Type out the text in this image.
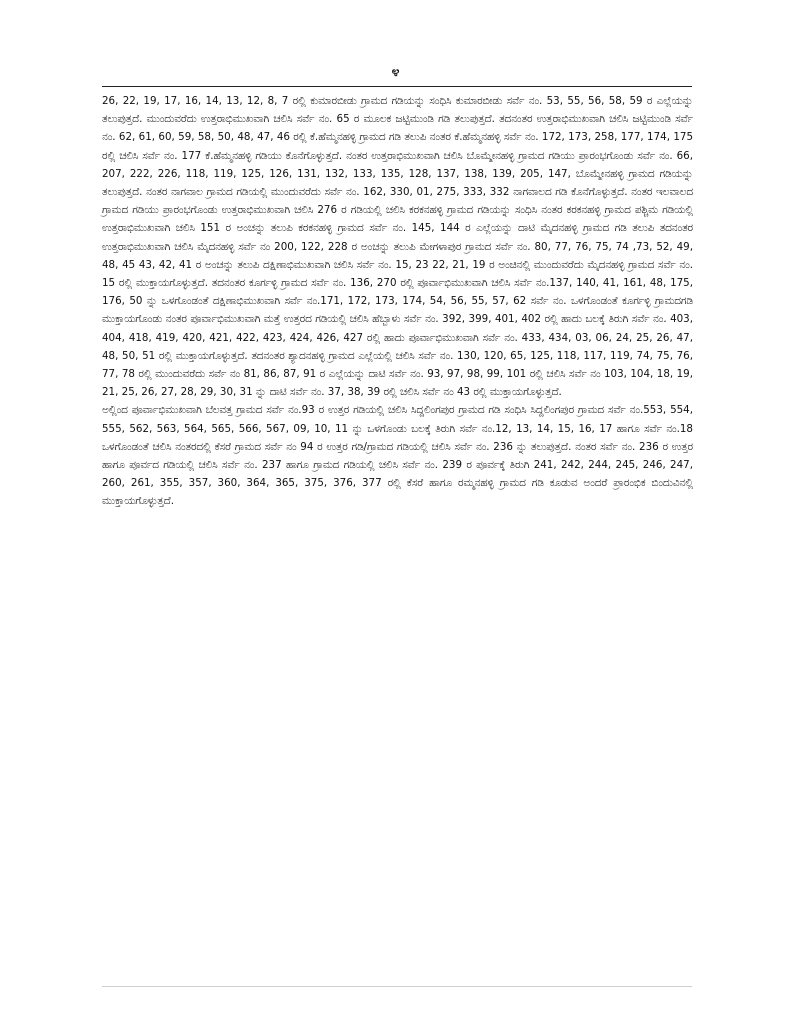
೪

26, 22, 19, 17, 16, 14, 13, 12, 8, 7 ರಲ್ಲಿ ಕುಮಾರಬೀಡು ಗ್ರಾಮದ ಗಡಿಯನ್ನು ಸಂಧಿಸಿ ಕುಮಾರಬೀಡು ಸರ್ವೆ ನಂ. 53, 55, 56, 58, 59 ರ ಎಲ್ಲೆಯನ್ನು ತಲುಪುತ್ತದೆ. ಮುಂದುವರೆದು ಉತ್ತರಾಭಿಮುಖವಾಗಿ ಚಲಿಸಿ ಸರ್ವೆ ನಂ. 65 ರ ಮೂಲಕ ಜಟ್ಟಿಮುಂಡಿ ಗಡಿ ತಲುಪುತ್ತದೆ. ತದನಂತರ ಉತ್ತರಾಭಿಮುಖವಾಗಿ ಚಲಿಸಿ ಜಟ್ಟಿಮುಂಡಿ ಸರ್ವೆ ನಂ. 62, 61, 60, 59, 58, 50, 48, 47, 46 ರಲ್ಲಿ ಕೆ.ಹೆಮ್ಮನಹಳ್ಳಿ ಗ್ರಾಮದ ಗಡಿ ತಲುಪಿ ನಂತರ ಕೆ.ಹೆಮ್ಮನಹಳ್ಳಿ ಸರ್ವೆ ನಂ. 172, 173, 258, 177, 174, 175 ರಲ್ಲಿ ಚಲಿಸಿ ಸರ್ವೆ ನಂ. 177 ಕೆ.ಹೆಮ್ಮನಹಳ್ಳಿ ಗಡಿಯು ಕೊನೆಗೊಳ್ಳುತ್ತದೆ. ನಂತರ ಉತ್ತರಾಭಿಮುಖವಾಗಿ ಚಲಿಸಿ ಬೊಮ್ಮೇನಹಳ್ಳಿ ಗ್ರಾಮದ ಗಡಿಯು ಪ್ರಾರಂಭಗೊಂಡು ಸರ್ವೆ ನಂ. 66, 207, 222, 226, 118, 119, 125, 126, 131, 132, 133, 135, 128, 137, 138, 139, 205, 147, ಬೊಮ್ಮೇನಹಳ್ಳಿ ಗ್ರಾಮದ ಗಡಿಯನ್ನು ತಲುಪುತ್ತದೆ. ನಂತರ ನಾಗವಾಲ ಗ್ರಾಮದ ಗಡಿಯಲ್ಲಿ ಮುಂದುವರೆದು ಸರ್ವೆ ನಂ. 162, 330, 01, 275, 333, 332 ನಾಗವಾಲದ ಗಡಿ ಕೊನೆಗೊಳ್ಳುತ್ತದೆ. ನಂತರ ಇಲವಾಲದ ಗ್ರಾಮದ ಗಡಿಯು ಪ್ರಾರಂಭಗೊಂಡು ಉತ್ತರಾಭಿಮುಖವಾಗಿ ಚಲಿಸಿ 276 ರ ಗಡಿಯಲ್ಲಿ ಚಲಿಸಿ ಕರಕನಹಳ್ಳಿ ಗ್ರಾಮದ ಗಡಿಯನ್ನು ಸಂಧಿಸಿ ನಂತರ ಕರಕನಹಳ್ಳಿ ಗ್ರಾಮದ ಪಶ್ಚಿಮ ಗಡಿಯಲ್ಲಿ ಉತ್ತರಾಭಿಮುಖವಾಗಿ ಚಲಿಸಿ 151 ರ ಅಂಚನ್ನು ತಲುಪಿ ಕರಕನಹಳ್ಳಿ ಗ್ರಾಮದ ಸರ್ವೆ ನಂ. 145, 144 ರ ಎಲ್ಲೆಯನ್ನು ದಾಟಿ ಮೈದನಹಳ್ಳಿ ಗ್ರಾಮದ ಗಡಿ ತಲುಪಿ ತದನಂತರ ಉತ್ತರಾಭಿಮುಖವಾಗಿ ಚಲಿಸಿ ಮೈದನಹಳ್ಳಿ ಸರ್ವೆ ನಂ 200, 122, 228 ರ ಅಂಚನ್ನು ತಲುಪಿ ಮೇಗಳಾಪುರ ಗ್ರಾಮದ ಸರ್ವೆ ನಂ. 80, 77, 76, 75, 74 ,73, 52, 49, 48, 45 43, 42, 41 ರ ಅಂಚನ್ನು ತಲುಪಿ ದಕ್ಷಿಣಾಭಿಮುಖವಾಗಿ ಚಲಿಸಿ ಸರ್ವೆ ನಂ. 15, 23 22, 21, 19 ರ ಅಂಚಿನಲ್ಲಿ ಮುಂದುವರೆದು ಮೈದನಹಳ್ಳಿ ಗ್ರಾಮದ ಸರ್ವೆ ನಂ. 15 ರಲ್ಲಿ ಮುಕ್ತಾಯಗೊಳ್ಳುತ್ತದೆ. ತದನಂತರ ಕೂರ್ಗಳ್ಳಿ ಗ್ರಾಮದ ಸರ್ವೆ ನಂ. 136, 270 ರಲ್ಲಿ ಪೂರ್ವಾಭಿಮುಖವಾಗಿ ಚಲಿಸಿ ಸರ್ವೆ ನಂ.137, 140, 41, 161, 48, 175, 176, 50 ನ್ನು ಒಳಗೊಂಡಂತೆ ದಕ್ಷಿಣಾಭಿಮುಖವಾಗಿ ಸರ್ವೆ ನಂ.171, 172, 173, 174, 54, 56, 55, 57, 62 ಸರ್ವೆ ನಂ. ಒಳಗೊಂಡಂತೆ ಕೂರ್ಗಳ್ಳಿ ಗ್ರಾಮದಗಡಿ ಮುಕ್ತಾಯಗೊಂಡು ನಂತರ ಪೂರ್ವಾಭಿಮುಖವಾಗಿ ಮತ್ತೆ ಉತ್ತರದ ಗಡಿಯಲ್ಲಿ ಚಲಿಸಿ ಹೆಬ್ಬಾಳು ಸರ್ವೆ ನಂ. 392, 399, 401, 402 ರಲ್ಲಿ ಹಾದು ಬಲಕ್ಕೆ ತಿರುಗಿ ಸರ್ವೆ ನಂ. 403, 404, 418, 419, 420, 421, 422, 423, 424, 426, 427 ರಲ್ಲಿ ಹಾದು ಪೂರ್ವಾಭಿಮುಖವಾಗಿ ಸರ್ವೆ ನಂ. 433, 434, 03, 06, 24, 25, 26, 47, 48, 50, 51 ರಲ್ಲಿ ಮುಕ್ತಾಯಗೊಳ್ಳುತ್ತದೆ. ತದನಂತರ ಶ್ಯಾದನಹಳ್ಳಿ ಗ್ರಾಮದ ಎಲ್ಲೆಯಲ್ಲಿ ಚಲಿಸಿ ಸರ್ವೆ ನಂ. 130, 120, 65, 125, 118, 117, 119, 74, 75, 76, 77, 78 ರಲ್ಲಿ ಮುಂದುವರೆದು ಸರ್ವೆ ನಂ 81, 86, 87, 91 ರ ಎಲ್ಲೆಯನ್ನು ದಾಟಿ ಸರ್ವೆ ನಂ. 93, 97, 98, 99, 101 ರಲ್ಲಿ ಚಲಿಸಿ ಸರ್ವೆ ನಂ 103, 104, 18, 19, 21, 25, 26, 27, 28, 29, 30, 31 ನ್ನು ದಾಟಿ ಸರ್ವೆ ನಂ. 37, 38, 39 ರಲ್ಲಿ ಚಲಿಸಿ ಸರ್ವೆ ನಂ 43 ರಲ್ಲಿ ಮುಕ್ತಾಯಗೊಳ್ಳುತ್ತದೆ.

ಅಲ್ಲಿಂದ ಪೂರ್ವಾಭಿಮುಖವಾಗಿ ಬೆಲವತ್ತ ಗ್ರಾಮದ ಸರ್ವೆ ನಂ.93 ರ ಉತ್ತರ ಗಡಿಯಲ್ಲಿ ಚಲಿಸಿ ಸಿದ್ದಲಿಂಗಪುರ ಗ್ರಾಮದ ಗಡಿ ಸಂಧಿಸಿ ಸಿದ್ದಲಿಂಗಪುರ ಗ್ರಾಮದ ಸರ್ವೆ ನಂ.553, 554, 555, 562, 563, 564, 565, 566, 567, 09, 10, 11 ನ್ನು ಒಳಗೊಂಡು ಬಲಕ್ಕೆ ತಿರುಗಿ ಸರ್ವೆ ನಂ.12, 13, 14, 15, 16, 17 ಹಾಗೂ ಸರ್ವೆ ನಂ.18 ಒಳಗೊಂಡಂತೆ ಚಲಿಸಿ ನಂತರದಲ್ಲಿ ಕೆಸರೆ ಗ್ರಾಮದ ಸರ್ವೆ ನಂ 94 ರ ಉತ್ತರ ಗಡಿ/ಗ್ರಾಮದ ಗಡಿಯಲ್ಲಿ ಚಲಿಸಿ ಸರ್ವೆ ನಂ. 236 ನ್ನು ತಲುಪುತ್ತದೆ. ನಂತರ ಸರ್ವೆ ನಂ. 236 ರ ಉತ್ತರ ಹಾಗೂ ಪೂರ್ವದ ಗಡಿಯಲ್ಲಿ ಚಲಿಸಿ ಸರ್ವೆ ನಂ. 237 ಹಾಗೂ ಗ್ರಾಮದ ಗಡಿಯಲ್ಲಿ ಚಲಿಸಿ ಸರ್ವೆ ನಂ. 239 ರ ಪೂರ್ವಕ್ಕೆ ತಿರುಗಿ 241, 242, 244, 245, 246, 247, 260, 261, 355, 357, 360, 364, 365, 375, 376, 377 ರಲ್ಲಿ ಕೆಸರೆ ಹಾಗೂ ರಮ್ಮನಹಳ್ಳಿ ಗ್ರಾಮದ ಗಡಿ ಕೂಡುವ ಅಂದರೆ ಪ್ರಾರಂಭಿಕ ಬಿಂದುವಿನಲ್ಲಿ ಮುಕ್ತಾಯಗೊಳ್ಳುತ್ತದೆ.
